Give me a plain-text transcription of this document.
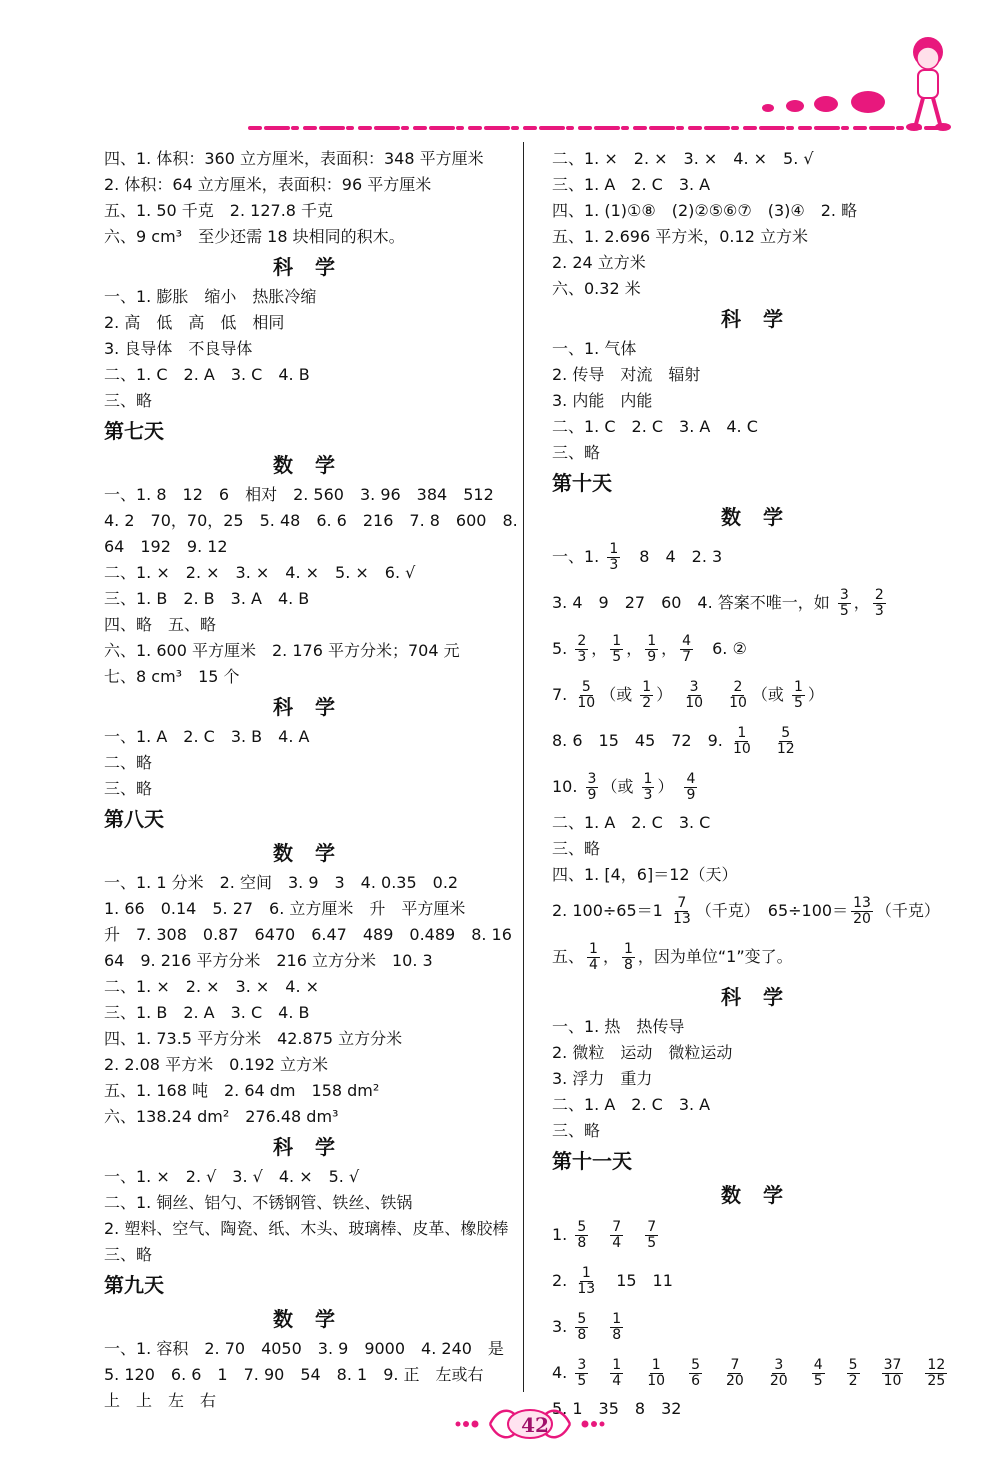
四、1. 体积：360 立方厘米，表面积：348 平方厘米
2. 体积：64 立方厘米，表面积：96 平方厘米
五、1. 50 千克　2. 127.8 千克
六、9 cm³　至少还需 18 块相同的积木。
科学
一、1. 膨胀　缩小　热胀冷缩
2. 高　低　高　低　相同
3. 良导体　不良导体
二、1. C　2. A　3. C　4. B
三、略
第七天
数学
一、1. 8　12　6　相对　2. 560　3. 96　384　512
4. 2　70，70，25　5. 48　6. 6　216　7. 8　600　8.
64　192　9. 12
二、1. ×　2. ×　3. ×　4. ×　5. ×　6. √
三、1. B　2. B　3. A　4. B
四、略　五、略
六、1. 600 平方厘米　2. 176 平方分米；704 元
七、8 cm³　15 个
科学
一、1. A　2. C　3. B　4. A
二、略
三、略
第八天
数学
一、1. 1 分米　2. 空间　3. 9　3　4. 0.35　0.2
1. 66　0.14　5. 27　6. 立方厘米　升　平方厘米
升　7. 308　0.87　6470　6.47　489　0.489　8. 16
64　9. 216 平方分米　216 立方分米　10. 3
二、1. ×　2. ×　3. ×　4. ×
三、1. B　2. A　3. C　4. B
四、1. 73.5 平方分米　42.875 立方分米
2. 2.08 平方米　0.192 立方米
五、1. 168 吨　2. 64 dm　158 dm²
六、138.24 dm²　276.48 dm³
科学
一、1. ×　2. √　3. √　4. ×　5. √
二、1. 铜丝、铝勺、不锈钢管、铁丝、铁锅
2. 塑料、空气、陶瓷、纸、木头、玻璃棒、皮革、橡胶棒
三、略
第九天
数学
一、1. 容积　2. 70　4050　3. 9　9000　4. 240　是
5. 120　6. 6　1　7. 90　54　8. 1　9. 正　左或右
上　上　左　右
二、1. ×　2. ×　3. ×　4. ×　5. √
三、1. A　2. C　3. A
四、1. (1)①⑧　(2)②⑤⑥⑦　(3)④　2. 略
五、1. 2.696 平方米，0.12 立方米
2. 24 立方米
六、0.32 米
科学
一、1. 气体
2. 传导　对流　辐射
3. 内能　内能
二、1. C　2. C　3. A　4. C
三、略
第十天
数学
一、1. $\frac{1}{3}$ 　8　4　2. 3
3. 4　9　27　60　4. 答案不唯一，如 $\frac{3}{5}$ ， $\frac{2}{3}$
5. $\frac{2}{3}$ ， $\frac{1}{5}$ ， $\frac{1}{9}$ ， $\frac{4}{7}$ 　6. ②
7. $\frac{5}{10}$ （或 $\frac{1}{2}$ ）　 $\frac{3}{10}$
　 $\frac{2}{10}$ （或 $\frac{1}{5}$ ）
8. 6　15　45　72　9. $\frac{1}{10}$
　 $\frac{5}{12}$
10. $\frac{3}{9}$ （或 $\frac{1}{3}$ ）　 $\frac{4}{9}$
二、1. A　2. C　3. C
三、略
四、1. [4，6]＝12（天）
2. $100\div 65=1 \frac{7}{13}$ （千克）　$65\div 100= \frac{13}{20}$ （千克）
五、 $\frac{1}{4}$ ， $\frac{1}{8}$ ，因为单位“1”变了。
科学
一、1. 热　热传导
2. 微粒　运动　微粒运动
3. 浮力　重力
二、1. A　2. C　3. A
三、略
第十一天
数学
1. $\frac{5}{8}$
　 $\frac{7}{4}$
　 $\frac{7}{5}$
2. $\frac{1}{13}$ 　15　11
3. $\frac{5}{8}$
　 $\frac{1}{8}$
4. $\frac{3}{5}$
　 $\frac{1}{4}$
　 $\frac{1}{10}$
　 $\frac{5}{6}$
　 $\frac{7}{20}$
　 $\frac{3}{20}$
　 $\frac{4}{5}$
　 $\frac{5}{2}$
　 $\frac{37}{10}$
　 $\frac{12}{25}$
5. 1　35　8　32
42
